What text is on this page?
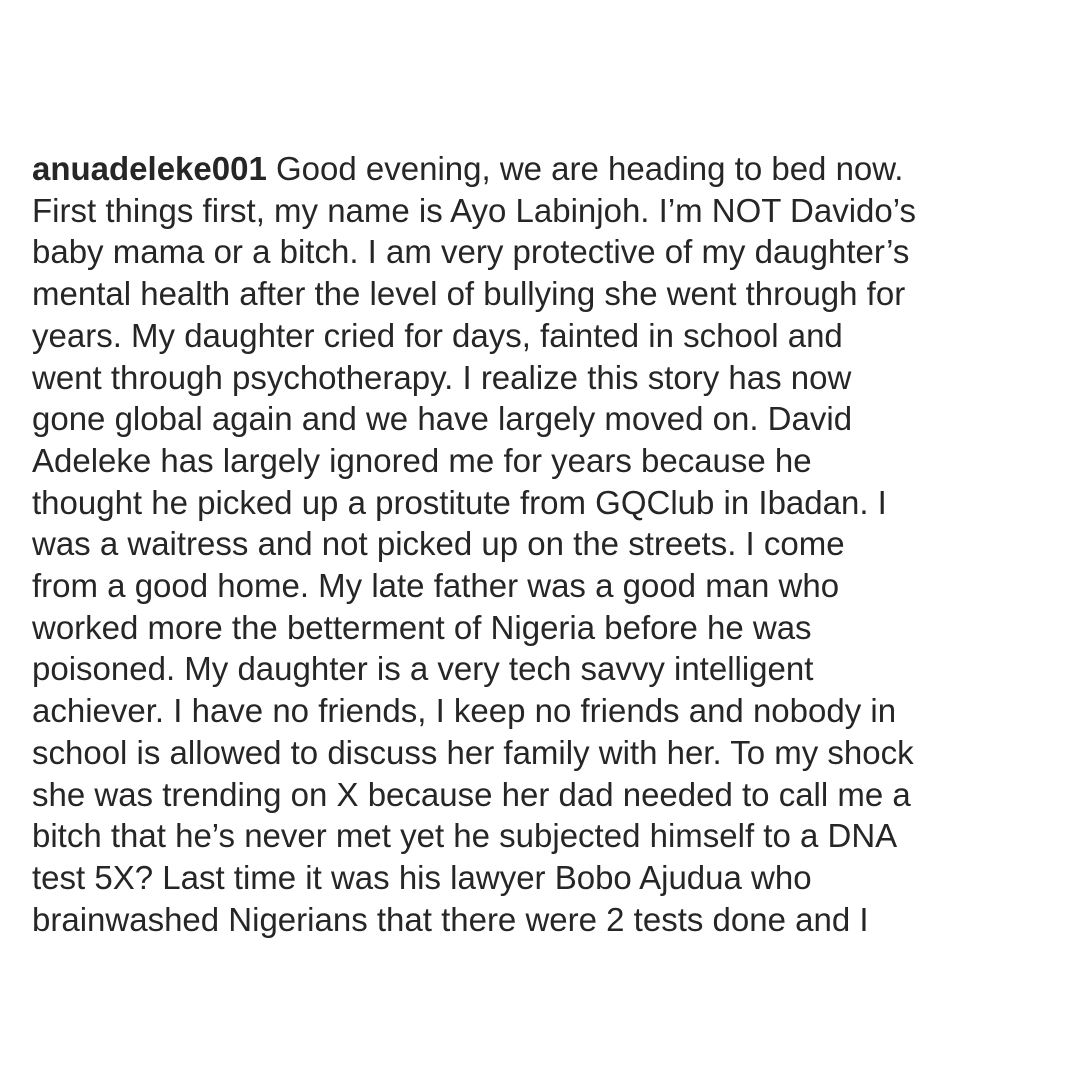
anuadeleke001 Good evening, we are heading to bed now.
First things first, my name is Ayo Labinjoh. I’m NOT Davido’s
baby mama or a bitch. I am very protective of my daughter’s
mental health after the level of bullying she went through for
years. My daughter cried for days, fainted in school and
went through psychotherapy. I realize this story has now
gone global again and we have largely moved on. David
Adeleke has largely ignored me for years because he
thought he picked up a prostitute from GQClub in Ibadan. I
was a waitress and not picked up on the streets. I come
from a good home. My late father was a good man who
worked more the betterment of Nigeria before he was
poisoned. My daughter is a very tech savvy intelligent
achiever. I have no friends, I keep no friends and nobody in
school is allowed to discuss her family with her. To my shock
she was trending on X because her dad needed to call me a
bitch that he’s never met yet he subjected himself to a DNA
test 5X? Last time it was his lawyer Bobo Ajudua who
brainwashed Nigerians that there were 2 tests done and I
